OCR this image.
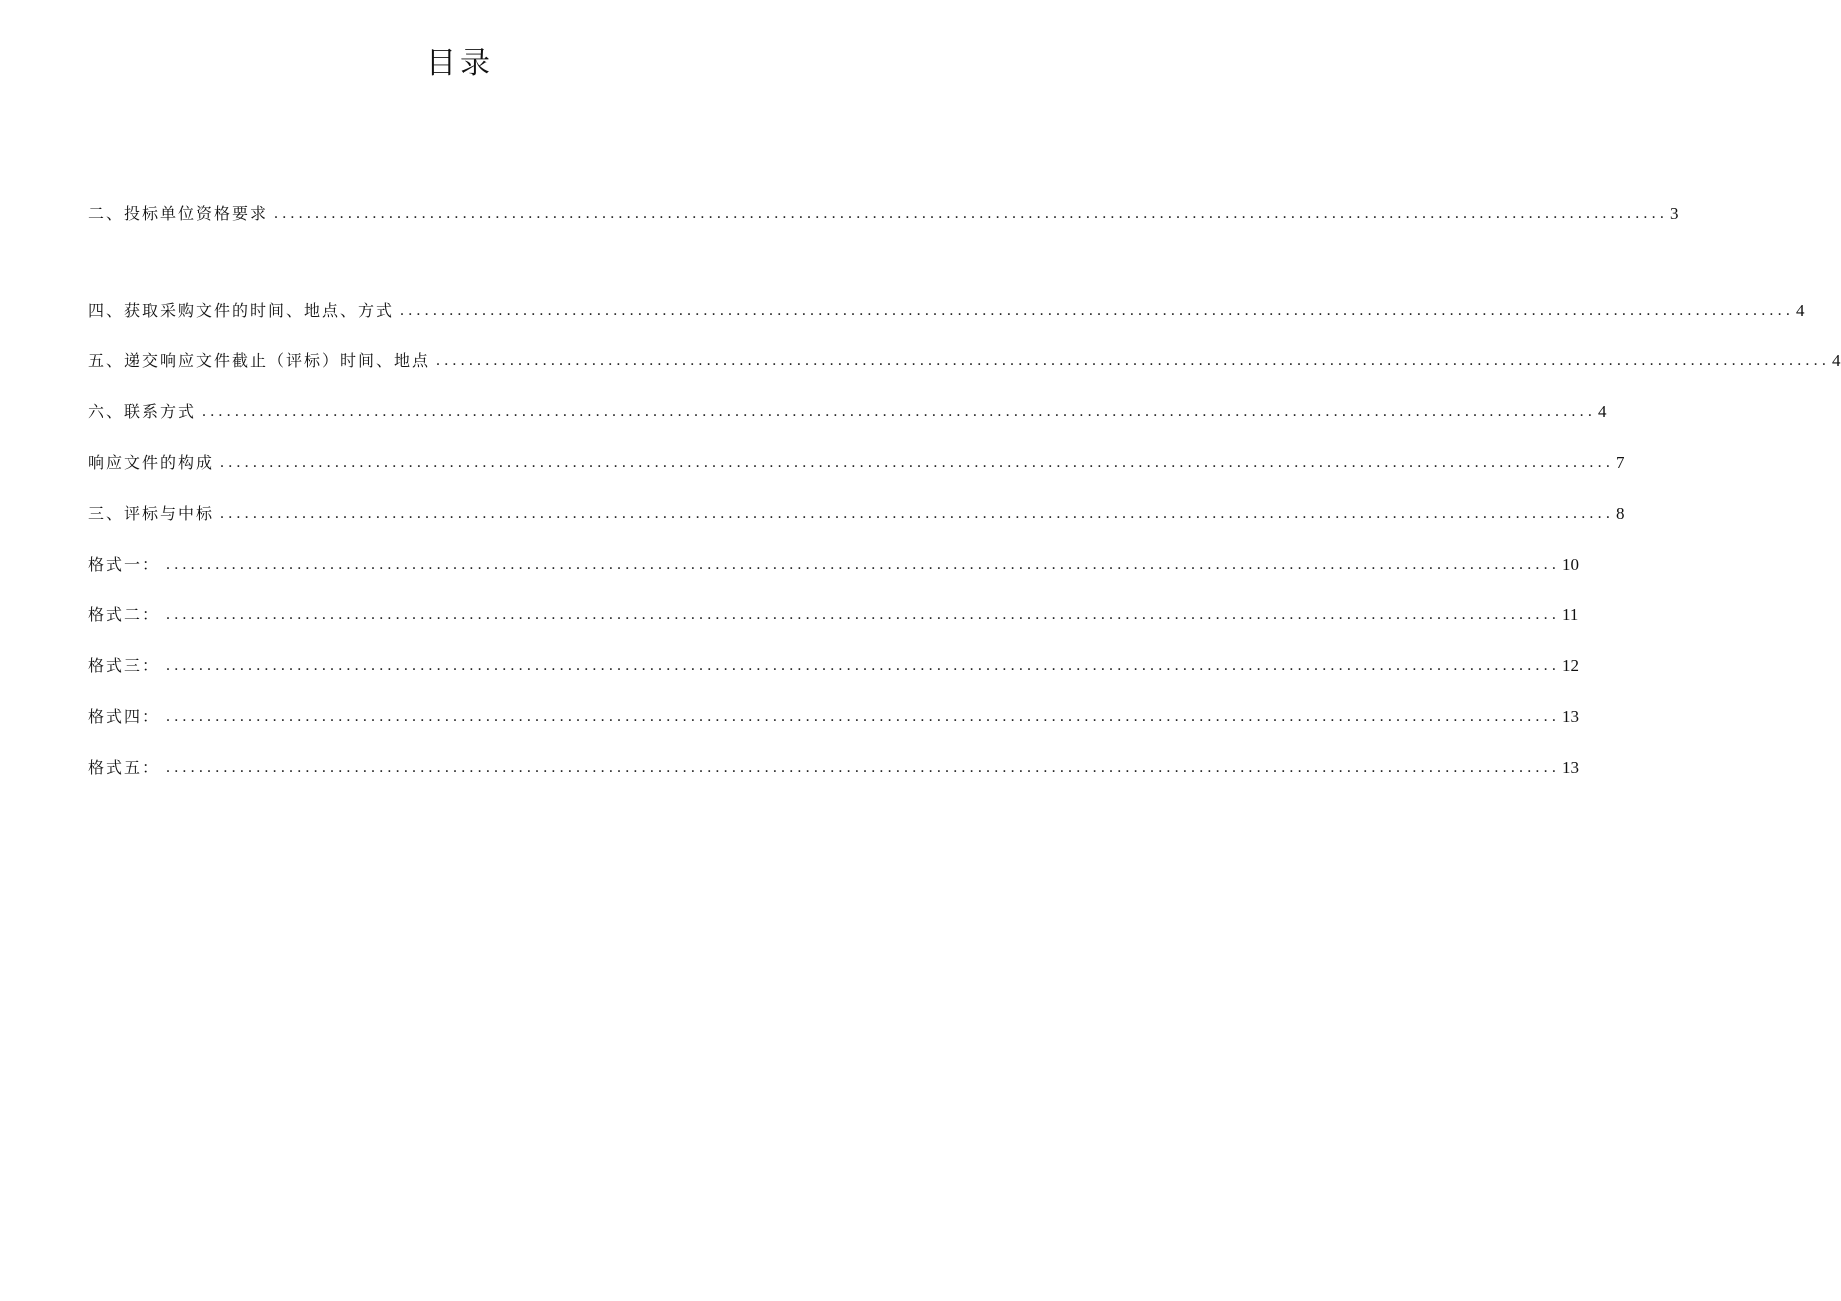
目录
二、投标单位资格要求 .......................................................................................................................................................................... 3
四、获取采购文件的时间、地点、方式 .......................................................................................................................................................................... 4
五、递交响应文件截止（评标）时间、地点 .......................................................................................................................................................................... 4
六、联系方式 .......................................................................................................................................................................... 4
响应文件的构成 .......................................................................................................................................................................... 7
三、评标与中标 .......................................................................................................................................................................... 8
格式一： .......................................................................................................................................................................... 10
格式二： .......................................................................................................................................................................... 11
格式三： .......................................................................................................................................................................... 12
格式四： .......................................................................................................................................................................... 13
格式五： .......................................................................................................................................................................... 13
